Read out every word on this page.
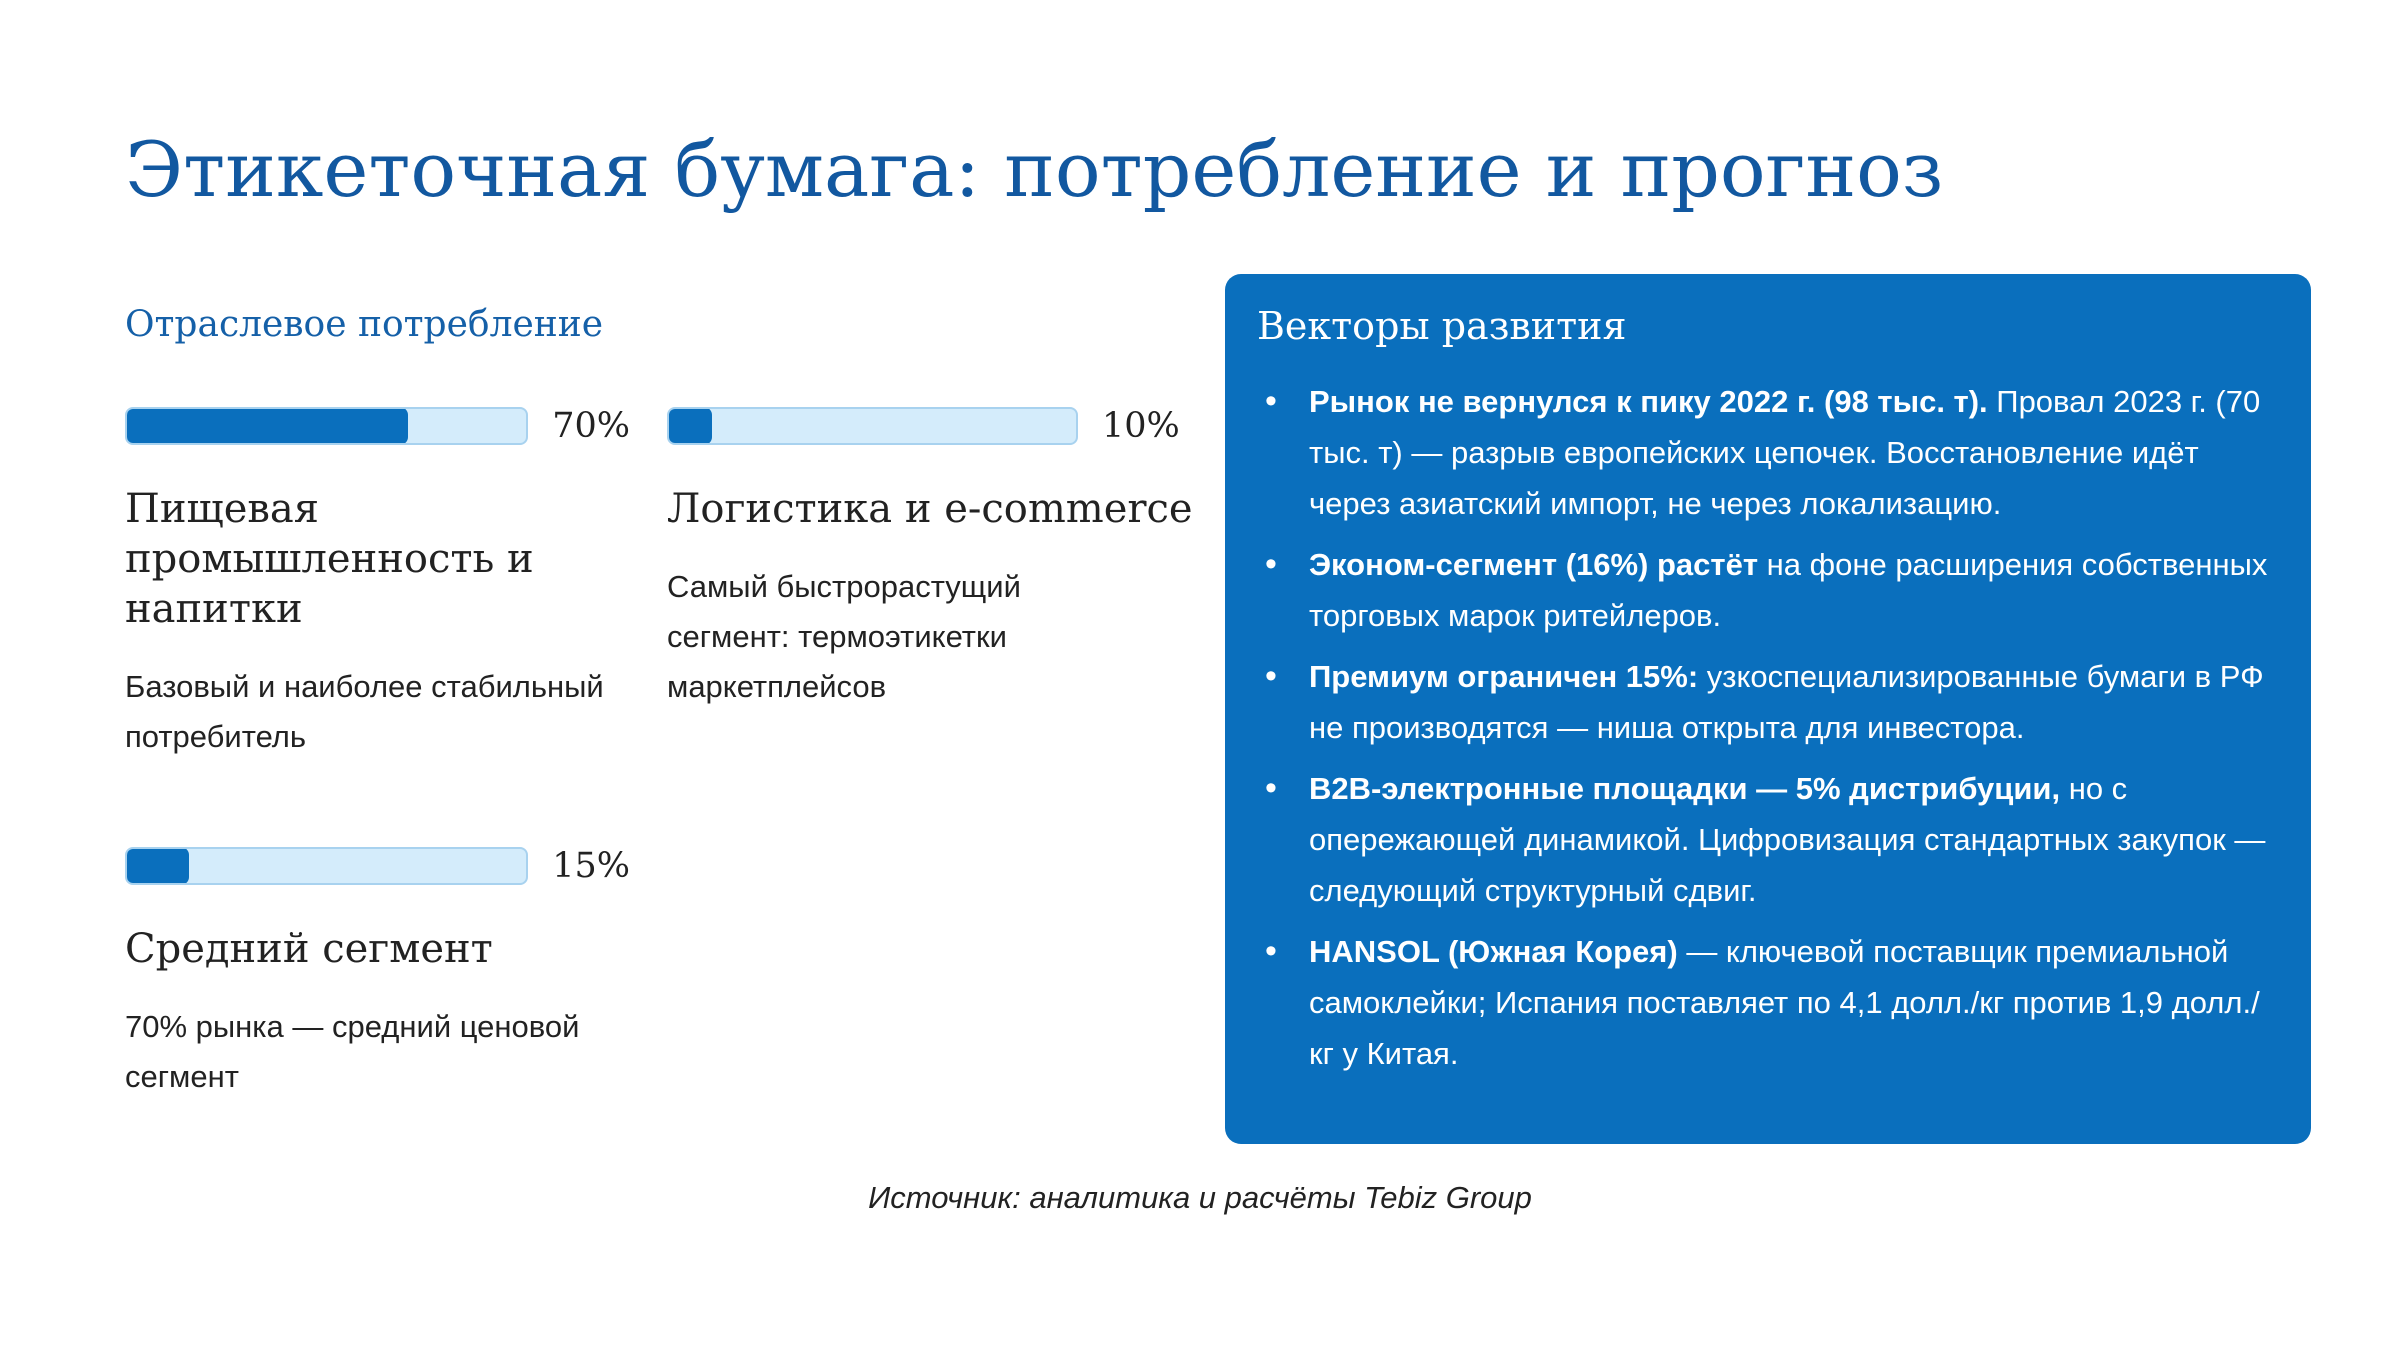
Этикеточная бумага: потребление и прогноз
Отраслевое потребление
70%
Пищевая промышленность и напитки
Базовый и наиболее стабильный потребитель
10%
Логистика и e-commerce
Самый быстрорастущий сегмент: термоэтикетки маркетплейсов
15%
Средний сегмент
70% рынка — средний ценовой сегмент
Векторы развития
• Рынок не вернулся к пику 2022 г. (98 тыс. т). Провал 2023 г. (70 тыс. т) — разрыв европейских цепочек. Восстановление идёт через азиатский импорт, не через локализацию.
• Эконом-сегмент (16%) растёт на фоне расширения собственных торговых марок ритейлеров.
• Премиум ограничен 15%: узкоспециализированные бумаги в РФ не производятся — ниша открыта для инвестора.
• B2B-электронные площадки — 5% дистрибуции, но с опережающей динамикой. Цифровизация стандартных закупок — следующий структурный сдвиг.
• HANSOL (Южная Корея) — ключевой поставщик премиальной самоклейки; Испания поставляет по 4,1 долл./кг против 1,9 долл./кг у Китая.
Источник: аналитика и расчёты Tebiz Group
